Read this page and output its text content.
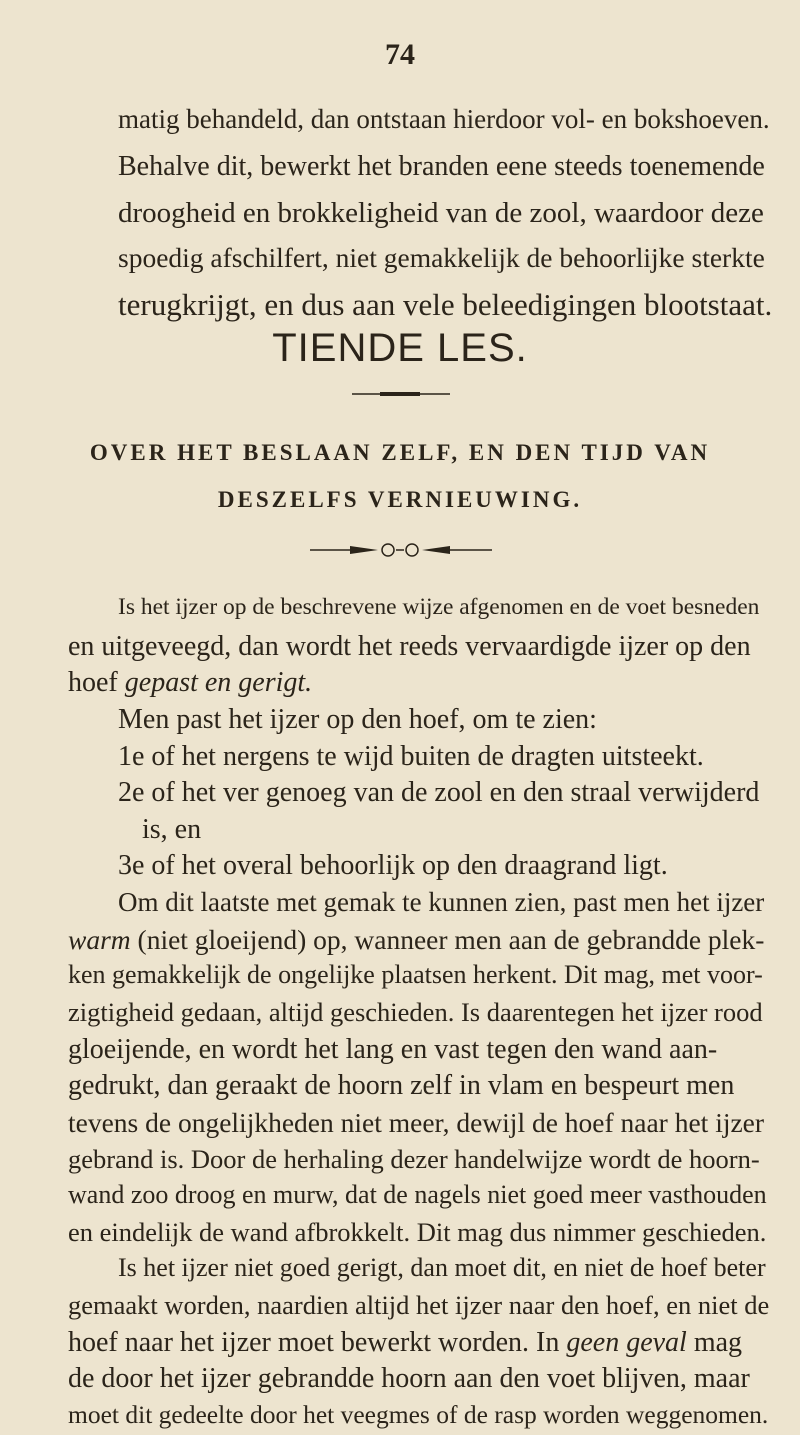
74
matig behandeld, dan ontstaan hierdoor vol- en bokshoeven.
Behalve dit, bewerkt het branden eene steeds toenemende
droogheid en brokkeligheid van de zool, waardoor deze
spoedig afschilfert, niet gemakkelijk de behoorlijke sterkte
terugkrijgt, en dus aan vele beleedigingen blootstaat.
TIENDE LES.
OVER HET BESLAAN ZELF, EN DEN TIJD VAN
DESZELFS VERNIEUWING.
Is het ijzer op de beschrevene wijze afgenomen en de voet besneden
en uitgeveegd, dan wordt het reeds vervaardigde ijzer op den
hoef gepast en gerigt.
Men past het ijzer op den hoef, om te zien:
1e of het nergens te wijd buiten de dragten uitsteekt.
2e of het ver genoeg van de zool en den straal verwijderd
is, en
3e of het overal behoorlijk op den draagrand ligt.
Om dit laatste met gemak te kunnen zien, past men het ijzer
warm (niet gloeijend) op, wanneer men aan de gebrandde plek-
ken gemakkelijk de ongelijke plaatsen herkent. Dit mag, met voor-
zigtigheid gedaan, altijd geschieden. Is daarentegen het ijzer rood
gloeijende, en wordt het lang en vast tegen den wand aan-
gedrukt, dan geraakt de hoorn zelf in vlam en bespeurt men
tevens de ongelijkheden niet meer, dewijl de hoef naar het ijzer
gebrand is. Door de herhaling dezer handelwijze wordt de hoorn-
wand zoo droog en murw, dat de nagels niet goed meer vasthouden
en eindelijk de wand afbrokkelt. Dit mag dus nimmer geschieden.
Is het ijzer niet goed gerigt, dan moet dit, en niet de hoef beter
gemaakt worden, naardien altijd het ijzer naar den hoef, en niet de
hoef naar het ijzer moet bewerkt worden. In geen geval mag
de door het ijzer gebrandde hoorn aan den voet blijven, maar
moet dit gedeelte door het veegmes of de rasp worden weggenomen.
